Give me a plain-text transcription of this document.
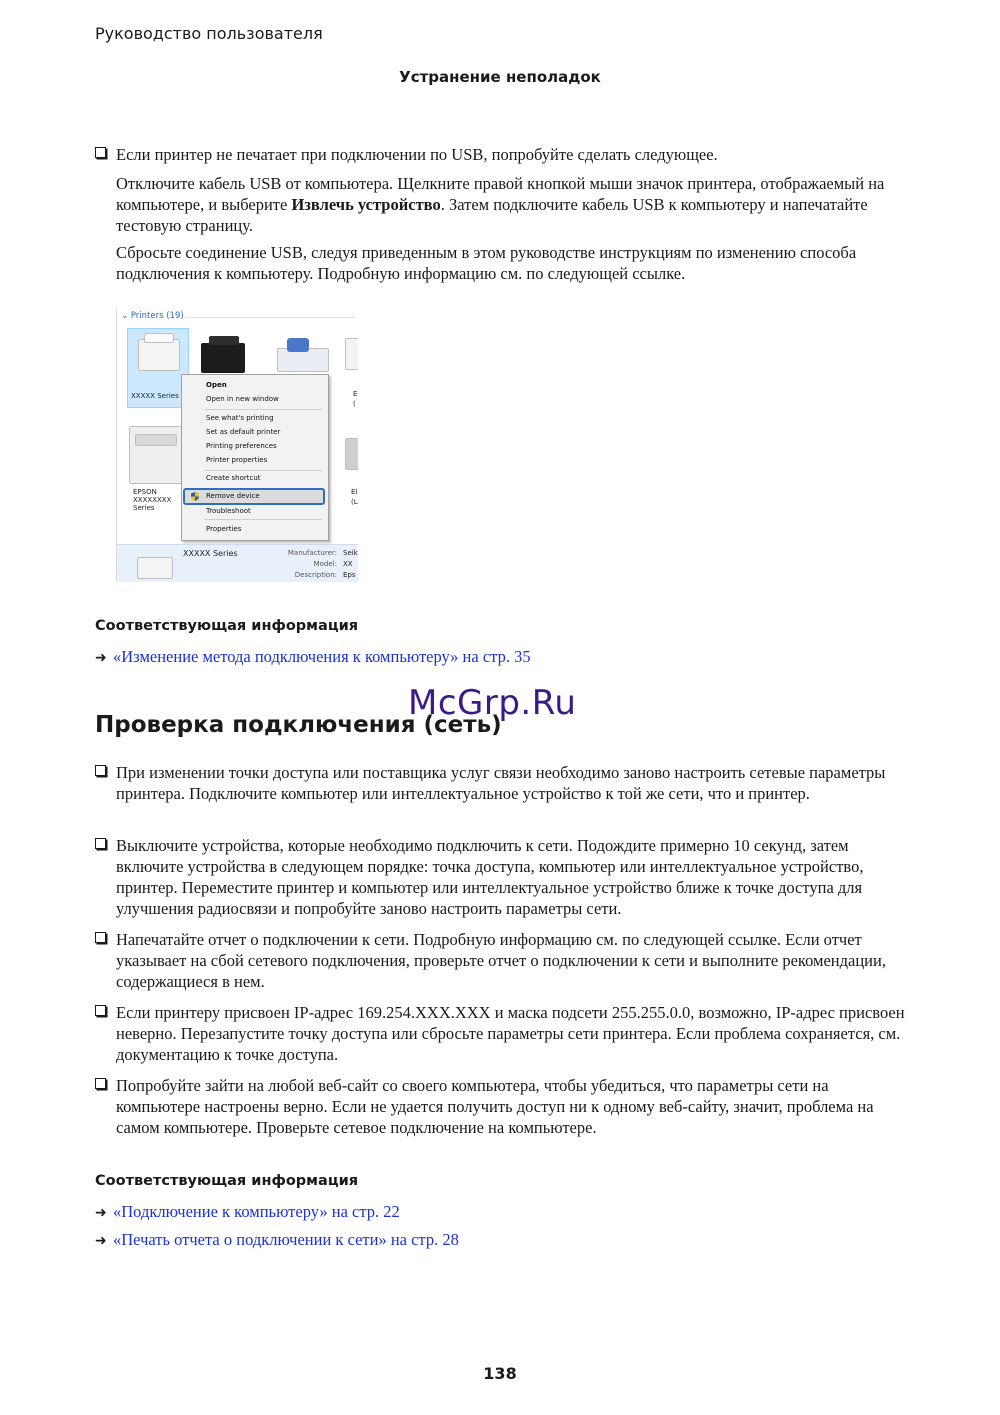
Руководство пользователя
Устранение неполадок
Если принтер не печатает при подключении по USB, попробуйте сделать следующее.
Отключите кабель USB от компьютера. Щелкните правой кнопкой мыши значок принтера, отображаемый на компьютере, и выберите Извлечь устройство. Затем подключите кабель USB к компьютеру и напечатайте тестовую страницу.
Сбросьте соединение USB, следуя приведенным в этом руководстве инструкциям по изменению способа подключения к компьютеру. Подробную информацию см. по следующей ссылке.
⌄ Printers (19)
XXXXX Series	E
(
EPSON
XXXXXXXX
Series
El
(L
Open
Open in new window
See what's printing
Set as default printer
Printing preferences
Printer properties
Create shortcut
Remove device
Troubleshoot
Properties
XXXXX Series	Manufacturer: Seik
Model: XX
Description: Eps
Соответствующая информация
➜ «Изменение метода подключения к компьютеру» на стр. 35
Проверка подключения (сеть)
McGrp.Ru
При изменении точки доступа или поставщика услуг связи необходимо заново настроить сетевые параметры принтера. Подключите компьютер или интеллектуальное устройство к той же сети, что и принтер.
Выключите устройства, которые необходимо подключить к сети. Подождите примерно 10 секунд, затем включите устройства в следующем порядке: точка доступа, компьютер или интеллектуальное устройство, принтер. Переместите принтер и компьютер или интеллектуальное устройство ближе к точке доступа для улучшения радиосвязи и попробуйте заново настроить параметры сети.
Напечатайте отчет о подключении к сети. Подробную информацию см. по следующей ссылке. Если отчет указывает на сбой сетевого подключения, проверьте отчет о подключении к сети и выполните рекомендации, содержащиеся в нем.
Если принтеру присвоен IP-адрес 169.254.XXX.XXX и маска подсети 255.255.0.0, возможно, IP-адрес присвоен неверно. Перезапустите точку доступа или сбросьте параметры сети принтера. Если проблема сохраняется, см. документацию к точке доступа.
Попробуйте зайти на любой веб-сайт со своего компьютера, чтобы убедиться, что параметры сети на компьютере настроены верно. Если не удается получить доступ ни к одному веб-сайту, значит, проблема на самом компьютере. Проверьте сетевое подключение на компьютере.
Соответствующая информация
➜ «Подключение к компьютеру» на стр. 22
➜ «Печать отчета о подключении к сети» на стр. 28
138
